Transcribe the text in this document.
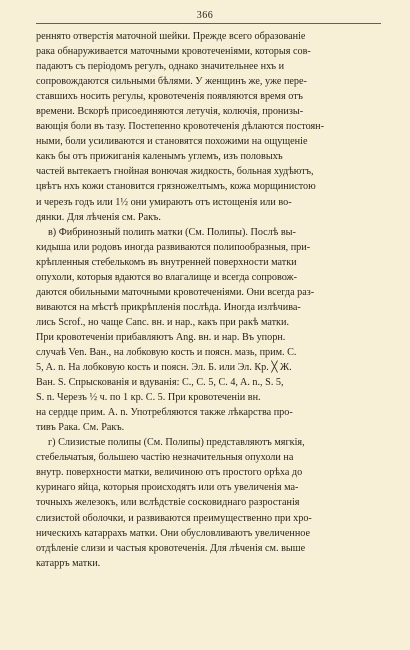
366
реннято отверстія маточной шейки. Прежде всего образованіе
рака обнаруживается маточными кровотеченіями, которыя сов-
падаютъ съ періодомъ регулъ, однако значительнее нхъ и
сопровождаются сильными бѣлями. У женщинъ же, уже пере-
ставшихъ носить регулы, кровотеченія появляются время отъ
времени. Вскорѣ присоединяются летучія, колючія, пронизы-
вающія боли въ тазу. Постепенно кровотеченія дѣлаются постоян-
ными, боли усиливаются и становятся похожими на ощущеніе
какъ бы отъ прижиганія каленымъ углемъ, изъ половыхъ
частей вытекаетъ гнойная вонючая жидкость, больная худѣютъ,
цвѣтъ нхъ кожи становится грязножелтымъ, кожа морщинистою
и черезъ годъ или 1½ они умираютъ отъ истощенія или во-
дянки. Для лѣченія см. Ракъ.
в) Фибринозный полипъ матки (См. Полипы). Послѣ вы-
кидыша или родовъ иногда развиваются полипообразныя, при-
крѣпленныя стебелькомъ въ внутренней поверхности матки
опухоли, которыя вдаются во влагалище и всегда сопровож-
даются обильными маточными кровотеченіями. Они всегда раз-
виваются на мѣстѣ прикрѣпленія послѣда. Иногда излѣчива-
лись Scrof., но чаще Canc. вн. и нар., какъ при ракѣ матки.
При кровотеченіи прибавляютъ Ang. вн. и нар. Въ упорн.
случаѣ Ven. Ван., на лобковую кость и поясн. мазь, прим. C.
5, A. n. На лобковую кость и поясн. Эл. Б. или Эл. Кр. ╳ Ж.
Ван. S. Спрыскованія и вдуванія: C., C. 5, C. 4, A. n., S. 5,
S. n. Черезъ ½ ч. по 1 кр. C. 5. При кровотеченіи вн.
на сердце прим. A. n. Употребляются также лѣкарства про-
тивъ Рака. См. Ракъ.
г) Слизистые полипы (См. Полипы) представляютъ мягкія,
стебельчатыя, большею частію незначительныя опухоли на
внутр. поверхности матки, величиною отъ простого орѣха до
куринаго яйца, которыя происходятъ или отъ увеличенія ма-
точныхъ железокъ, или вслѣдствіе сосковиднаго разростанія
слизистой оболочки, и развиваются преимущественно при хро-
ническихъ катаррахъ матки. Они обусловливаютъ увеличенное
отдѣленіе слизи и частыя кровотеченія. Для лѣченія см. выше
катарръ матки.
